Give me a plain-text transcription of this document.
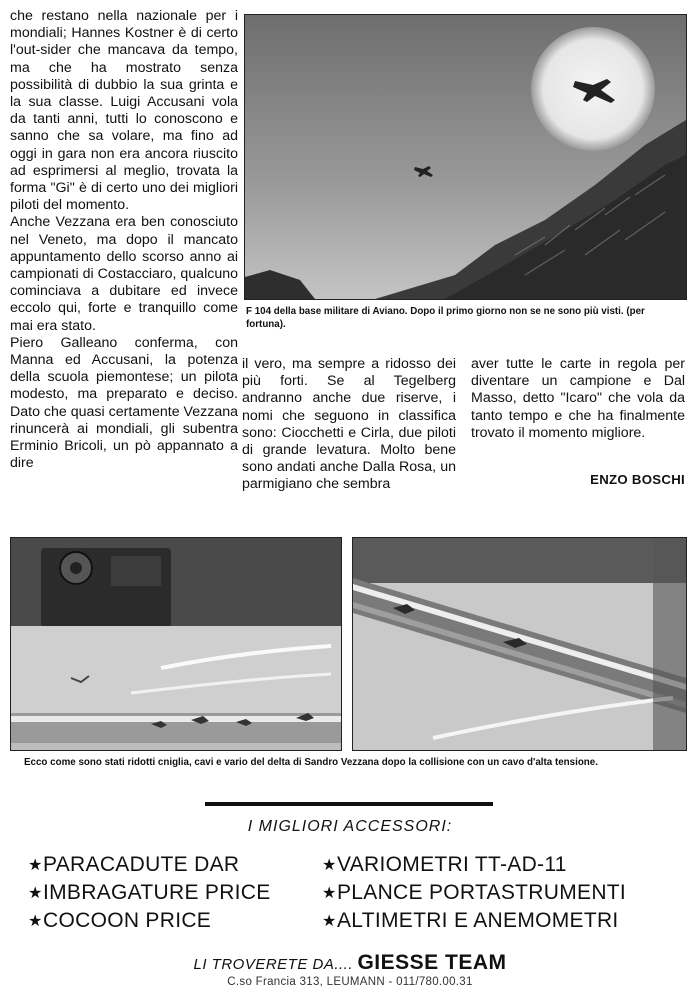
che restano nella nazionale per i mondiali; Hannes Kostner è di certo l'out-sider che mancava da tempo, ma che ha mostrato senza possibilità di dubbio la sua grinta e la sua classe. Luigi Accusani vola da tanti anni, tutti lo conoscono e sanno che sa volare, ma fino ad oggi in gara non era ancora riuscito ad esprimersi al meglio, trovata la forma "Gi" è di certo uno dei migliori piloti del momento.

Anche Vezzana era ben conosciuto nel Veneto, ma dopo il mancato appuntamento dello scorso anno ai campionati di Costacciaro, qualcuno cominciava a dubitare ed invece eccolo qui, forte e tranquillo come mai era stato.

Piero Galleano conferma, con Manna ed Accusani, la potenza della scuola piemontese; un pilota modesto, ma preparato e deciso. Dato che quasi certamente Vezzana rinuncerà ai mondiali, gli subentra Erminio Bricoli, un pò appannato a dire

F 104 della base militare di Aviano. Dopo il primo giorno non se ne sono più visti. (per fortuna).

il vero, ma sempre a ridosso dei più forti. Se al Tegelberg andranno anche due riserve, i nomi che seguono in classifica sono: Ciocchetti e Cirla, due piloti di grande levatura. Molto bene sono andati anche Dalla Rosa, un parmigiano che sembra

aver tutte le carte in regola per diventare un campione e Dal Masso, detto "Icaro" che vola da tanto tempo e che ha finalmente trovato il momento migliore.

ENZO BOSCHI
Ecco come sono stati ridotti cniglia, cavi e vario del delta di Sandro Vezzana dopo la collisione con un cavo d'alta tensione.
I MIGLIORI ACCESSORI:
★PARACADUTE DAR
★IMBRAGATURE PRICE
★COCOON PRICE
★VARIOMETRI TT-AD-11
★PLANCE PORTASTRUMENTI
★ALTIMETRI E ANEMOMETRI
LI TROVERETE DA.... GIESSE TEAM
C.so Francia 313, LEUMANN - 011/780.00.31
